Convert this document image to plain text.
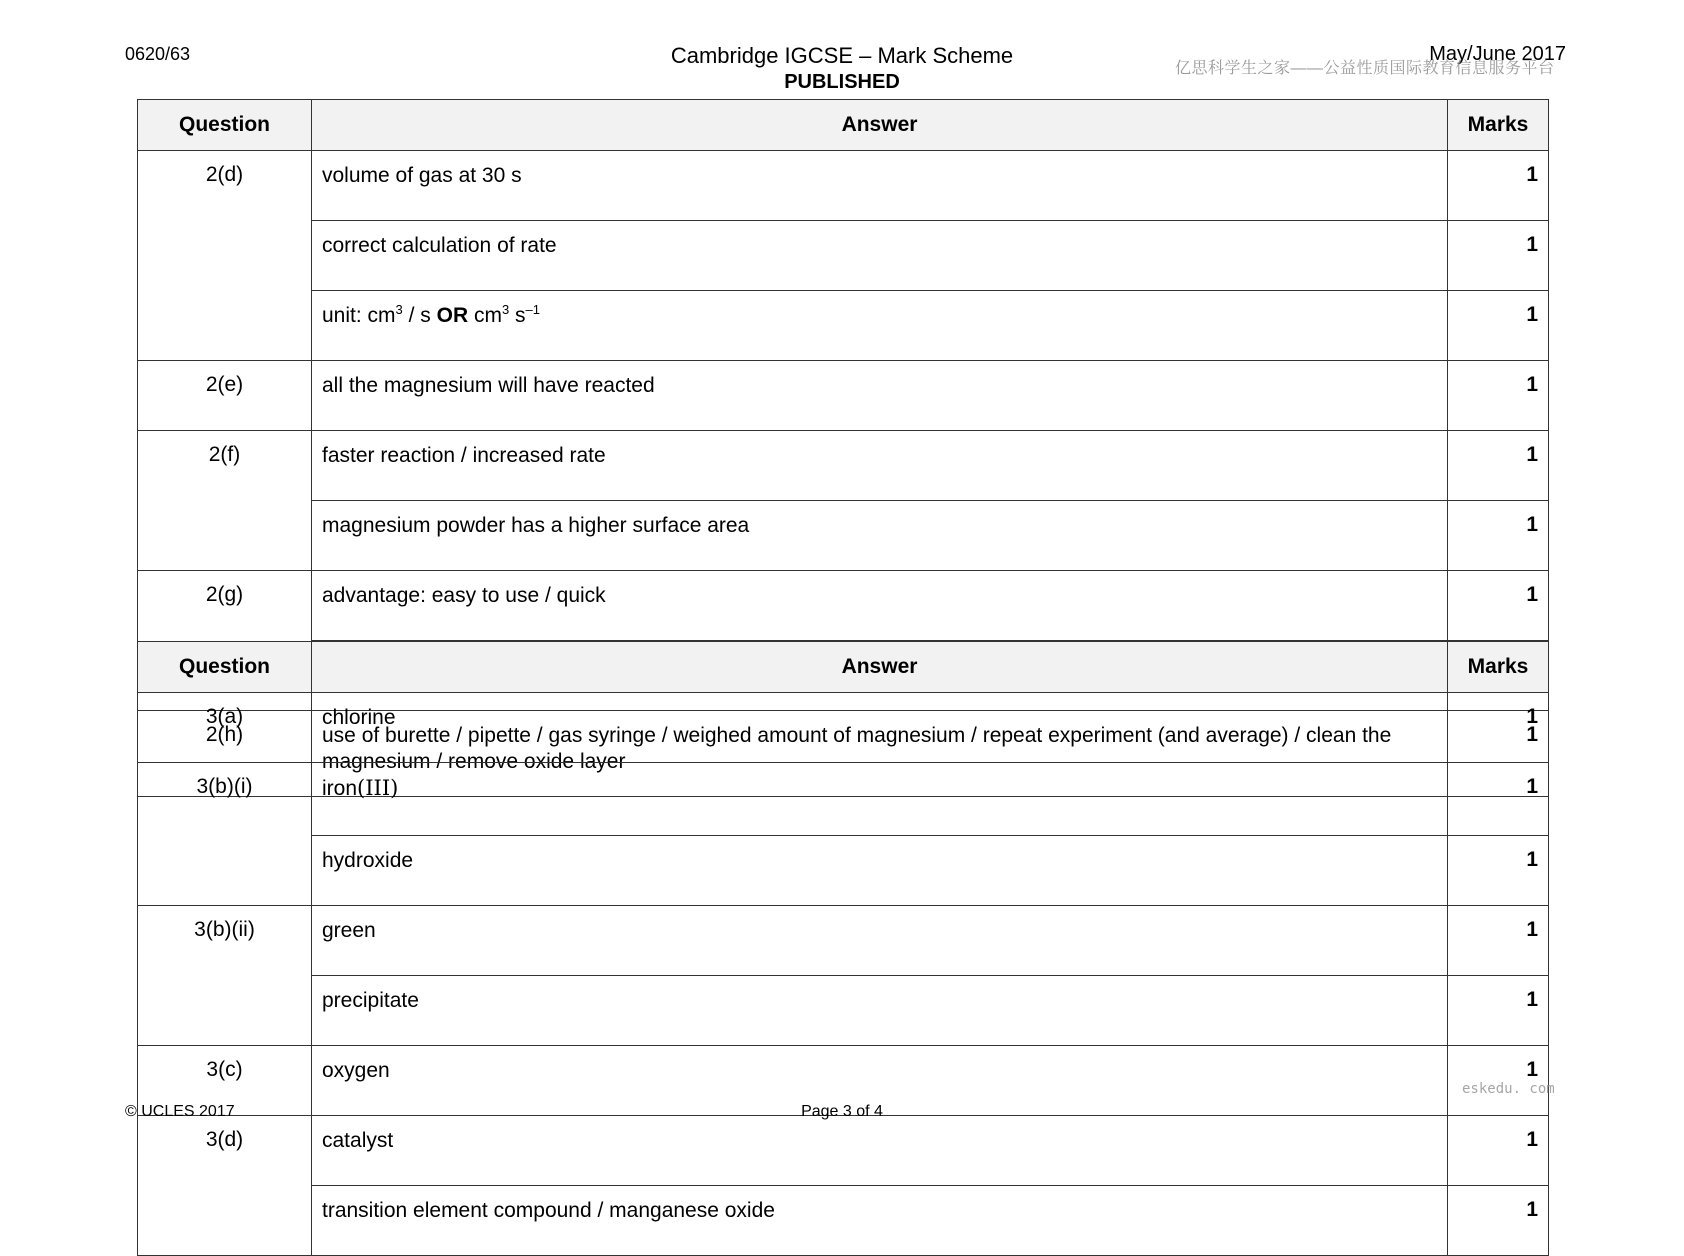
0620/63	Cambridge IGCSE – Mark Scheme
PUBLISHED
May/June 2017
亿思科学生之家——公益性质国际教育信息服务平台
Question	Answer	Marks
2(d)	volume of gas at 30 s	1
	correct calculation of rate	1
	unit: $cm^3$ / s OR $cm^3$ $s^{-1}$	1
2(e)	all the magnesium will have reacted	1
2(f)	faster reaction / increased rate	1
	magnesium powder has a higher surface area	1
2(g)	advantage: easy to use / quick	1

2(h)	use of burette / pipette / gas syringe / weighed amount of magnesium / repeat experiment (and average) / clean the magnesium / remove oxide layer	1
Question	Answer	Marks
3(a)	chlorine	1
3(b)(i)	iron(III)	1
	hydroxide	1
3(b)(ii)	green	1
	precipitate	1
3(c)	oxygen	1
3(d)	catalyst	1
	transition element compound / manganese oxide	1
eskedu. com
© UCLES 2017	Page 3 of 4
